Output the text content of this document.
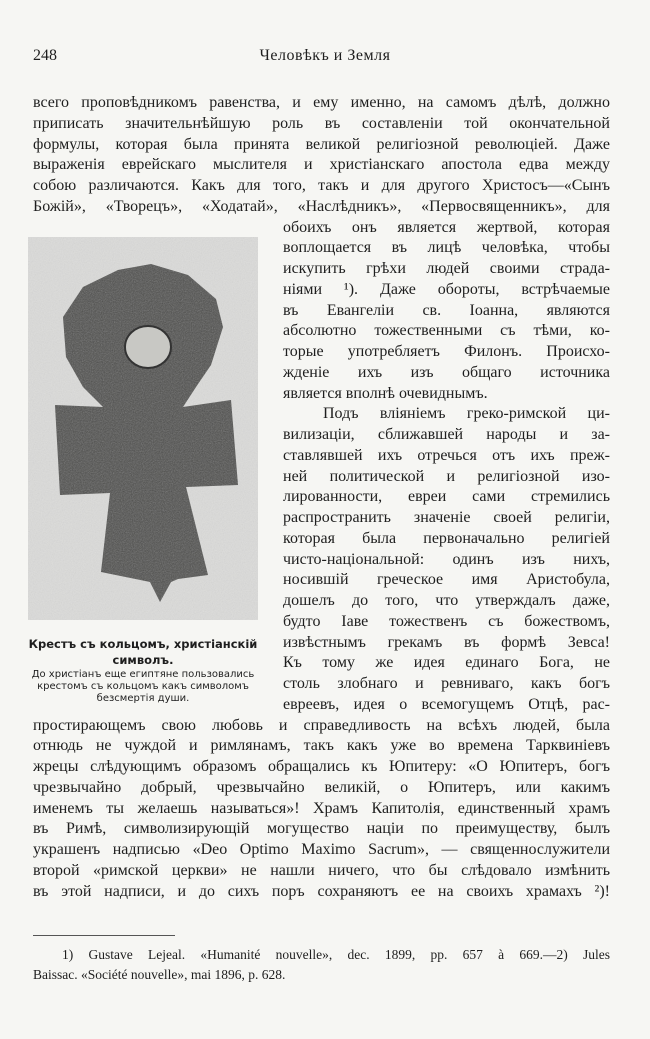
248	Человѣкъ и Земля
всего проповѣдникомъ равенства, и ему именно, на самомъ дѣлѣ, должно
приписать значительнѣйшую роль въ составленіи той окончательной
формулы, которая была принята великой религіозной революціей. Даже
выраженія еврейскаго мыслителя и христіанскаго апостола едва между
собою различаются. Какъ для того, такъ и для другого Христосъ—«Сынъ
Божій», «Творецъ», «Ходатай», «Наслѣдникъ», «Первосвященникъ», для
обоихъ онъ является жертвой, которая
воплощается въ лицѣ человѣка, чтобы
искупить грѣхи людей своими страда-
ніями ¹). Даже обороты, встрѣчаемые
въ Евангеліи св. Іоанна, являются
абсолютно тожественными съ тѣми, ко-
торые употребляетъ Филонъ. Происхо-
жденіе ихъ изъ общаго источника
является вполнѣ очевиднымъ.
Подъ вліяніемъ греко-римской ци-
вилизаціи, сближавшей народы и за-
ставлявшей ихъ отречься отъ ихъ преж-
ней политической и религіозной изо-
лированности, евреи сами стремились
распространить значеніе своей религіи,
которая была первоначально религіей
чисто-національной: одинъ изъ нихъ,
носившій греческое имя Аристобула,
дошелъ до того, что утверждалъ даже,
будто Іаве тожественъ съ божествомъ,
извѣстнымъ грекамъ въ формѣ Зевса!
Къ тому же идея единаго Бога, не
столь злобнаго и ревниваго, какъ богъ
евреевъ, идея о всемогущемъ Отцѣ, рас-
простирающемъ свою любовь и справедливость на всѣхъ людей, была
отнюдь не чуждой и римлянамъ, такъ какъ уже во времена Тарквиніевъ
жрецы слѣдующимъ образомъ обращались къ Юпитеру: «О Юпитеръ, богъ
чрезвычайно добрый, чрезвычайно великій, о Юпитеръ, или какимъ
именемъ ты желаешь называться»! Храмъ Капитолія, единственный храмъ
въ Римѣ, символизирующій могущество націи по преимуществу, былъ
украшенъ надписью «Deo Optimo Maximo Sacrum», — священнослужители
второй «римской церкви» не нашли ничего, что бы слѣдовало измѣнить
въ этой надписи, и до сихъ поръ сохраняютъ ее на своихъ храмахъ ²)!
Крестъ съ кольцомъ, христіанскій
символъ.
До христіанъ еще египтяне пользовались
крестомъ съ кольцомъ какъ символомъ
безсмертія души.
1) Gustave Lejeal. «Humanité nouvelle», dec. 1899, pp. 657 à 669.—2) Jules
Baissac. «Société nouvelle», mai 1896, p. 628.
